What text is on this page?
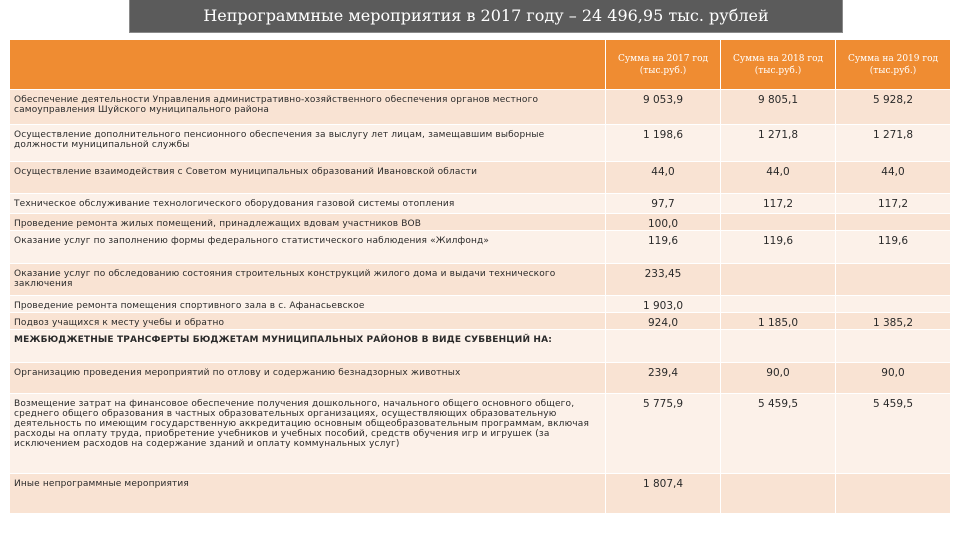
Непрограммные мероприятия в 2017 году – 24 496,95 тыс. рублей
	Сумма на 2017 год (тыс.руб.)	Сумма на 2018 год (тыс.руб.)	Сумма на 2019 год (тыс.руб.)
Обеспечение деятельности Управления административно-хозяйственного обеспечения органов местного самоуправления Шуйского муниципального района	9 053,9	9 805,1	5 928,2
Осуществление дополнительного пенсионного обеспечения за выслугу лет лицам, замещавшим выборные должности муниципальной службы	1 198,6	1 271,8	1 271,8
Осуществление взаимодействия с Советом муниципальных образований Ивановской области	44,0	44,0	44,0
Техническое обслуживание технологического оборудования газовой системы отопления	97,7	117,2	117,2
Проведение ремонта жилых помещений, принадлежащих вдовам участников ВОВ	100,0		
Оказание услуг по заполнению формы федерального статистического наблюдения «Жилфонд»	119,6	119,6	119,6
Оказание услуг по обследованию состояния строительных конструкций жилого дома и выдачи технического заключения	233,45		
Проведение ремонта помещения спортивного зала в с. Афанасьевское	1 903,0		
Подвоз учащихся к месту учебы и обратно	924,0	1 185,0	1 385,2
МЕЖБЮДЖЕТНЫЕ ТРАНСФЕРТЫ БЮДЖЕТАМ МУНИЦИПАЛЬНЫХ РАЙОНОВ В ВИДЕ СУБВЕНЦИЙ НА:			
Организацию проведения мероприятий по отлову и содержанию безнадзорных животных	239,4	90,0	90,0
Возмещение затрат на финансовое обеспечение получения дошкольного, начального общего основного общего, среднего общего образования в частных образовательных организациях, осуществляющих образовательную деятельность по имеющим государственную аккредитацию основным общеобразовательным программам, включая расходы на оплату труда, приобретение учебников и учебных пособий, средств обучения игр и игрушек (за исключением расходов на содержание зданий и оплату коммунальных услуг)	5 775,9	5 459,5	5 459,5
Иные непрограммные мероприятия	1 807,4		
